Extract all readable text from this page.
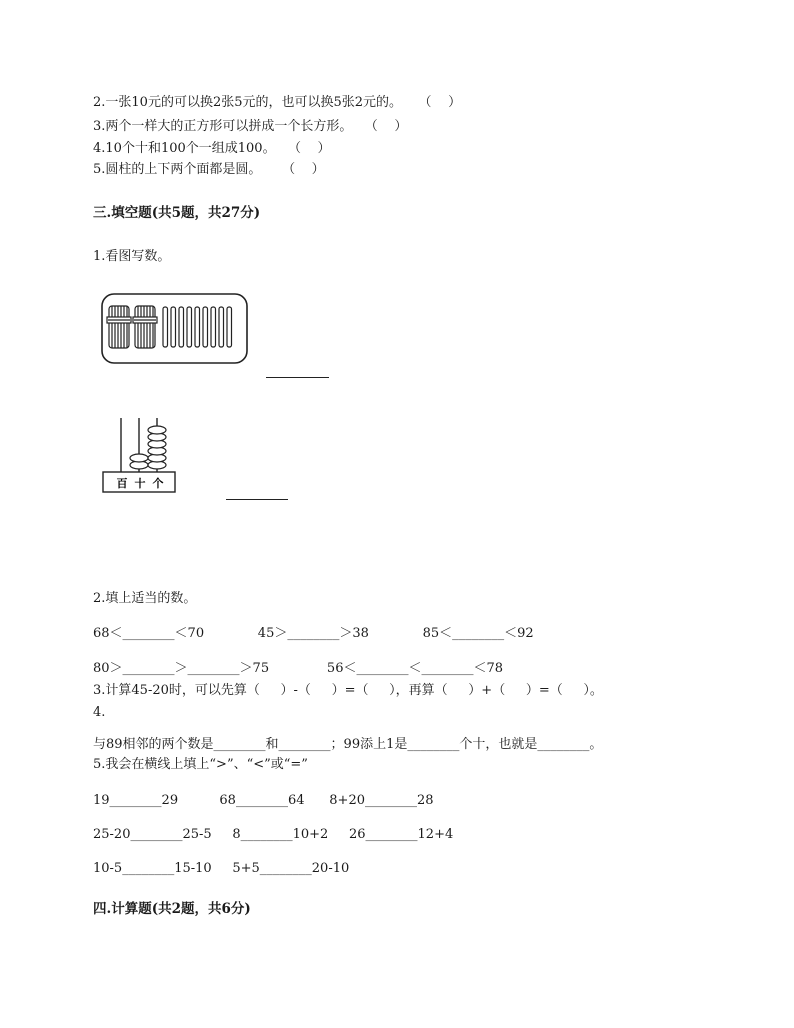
2.一张10元的可以换2张5元的，也可以换5张2元的。    （    ）
3.两个一样大的正方形可以拼成一个长方形。   （    ）
4.10个十和100个一组成100。   （    ）
5.圆柱的上下两个面都是圆。     （    ）
三.填空题(共5题，共27分)
1.看图写数。
百 十 个
2.填上适当的数。
68＜________＜70             45＞________＞38             85＜________＜92
80＞________＞________＞75              56＜________＜________＜78
3.计算45-20时，可以先算（     ）-（     ）=（     ），再算（     ）+（     ）=（     ）。
4.
与89相邻的两个数是________和________；99添上1是________个十，也就是________。
5.我会在横线上填上“>”、“<”或“=”
19________29          68________64      8+20________28
25-20________25-5     8________10+2     26________12+4
10-5________15-10     5+5________20-10
四.计算题(共2题，共6分)
